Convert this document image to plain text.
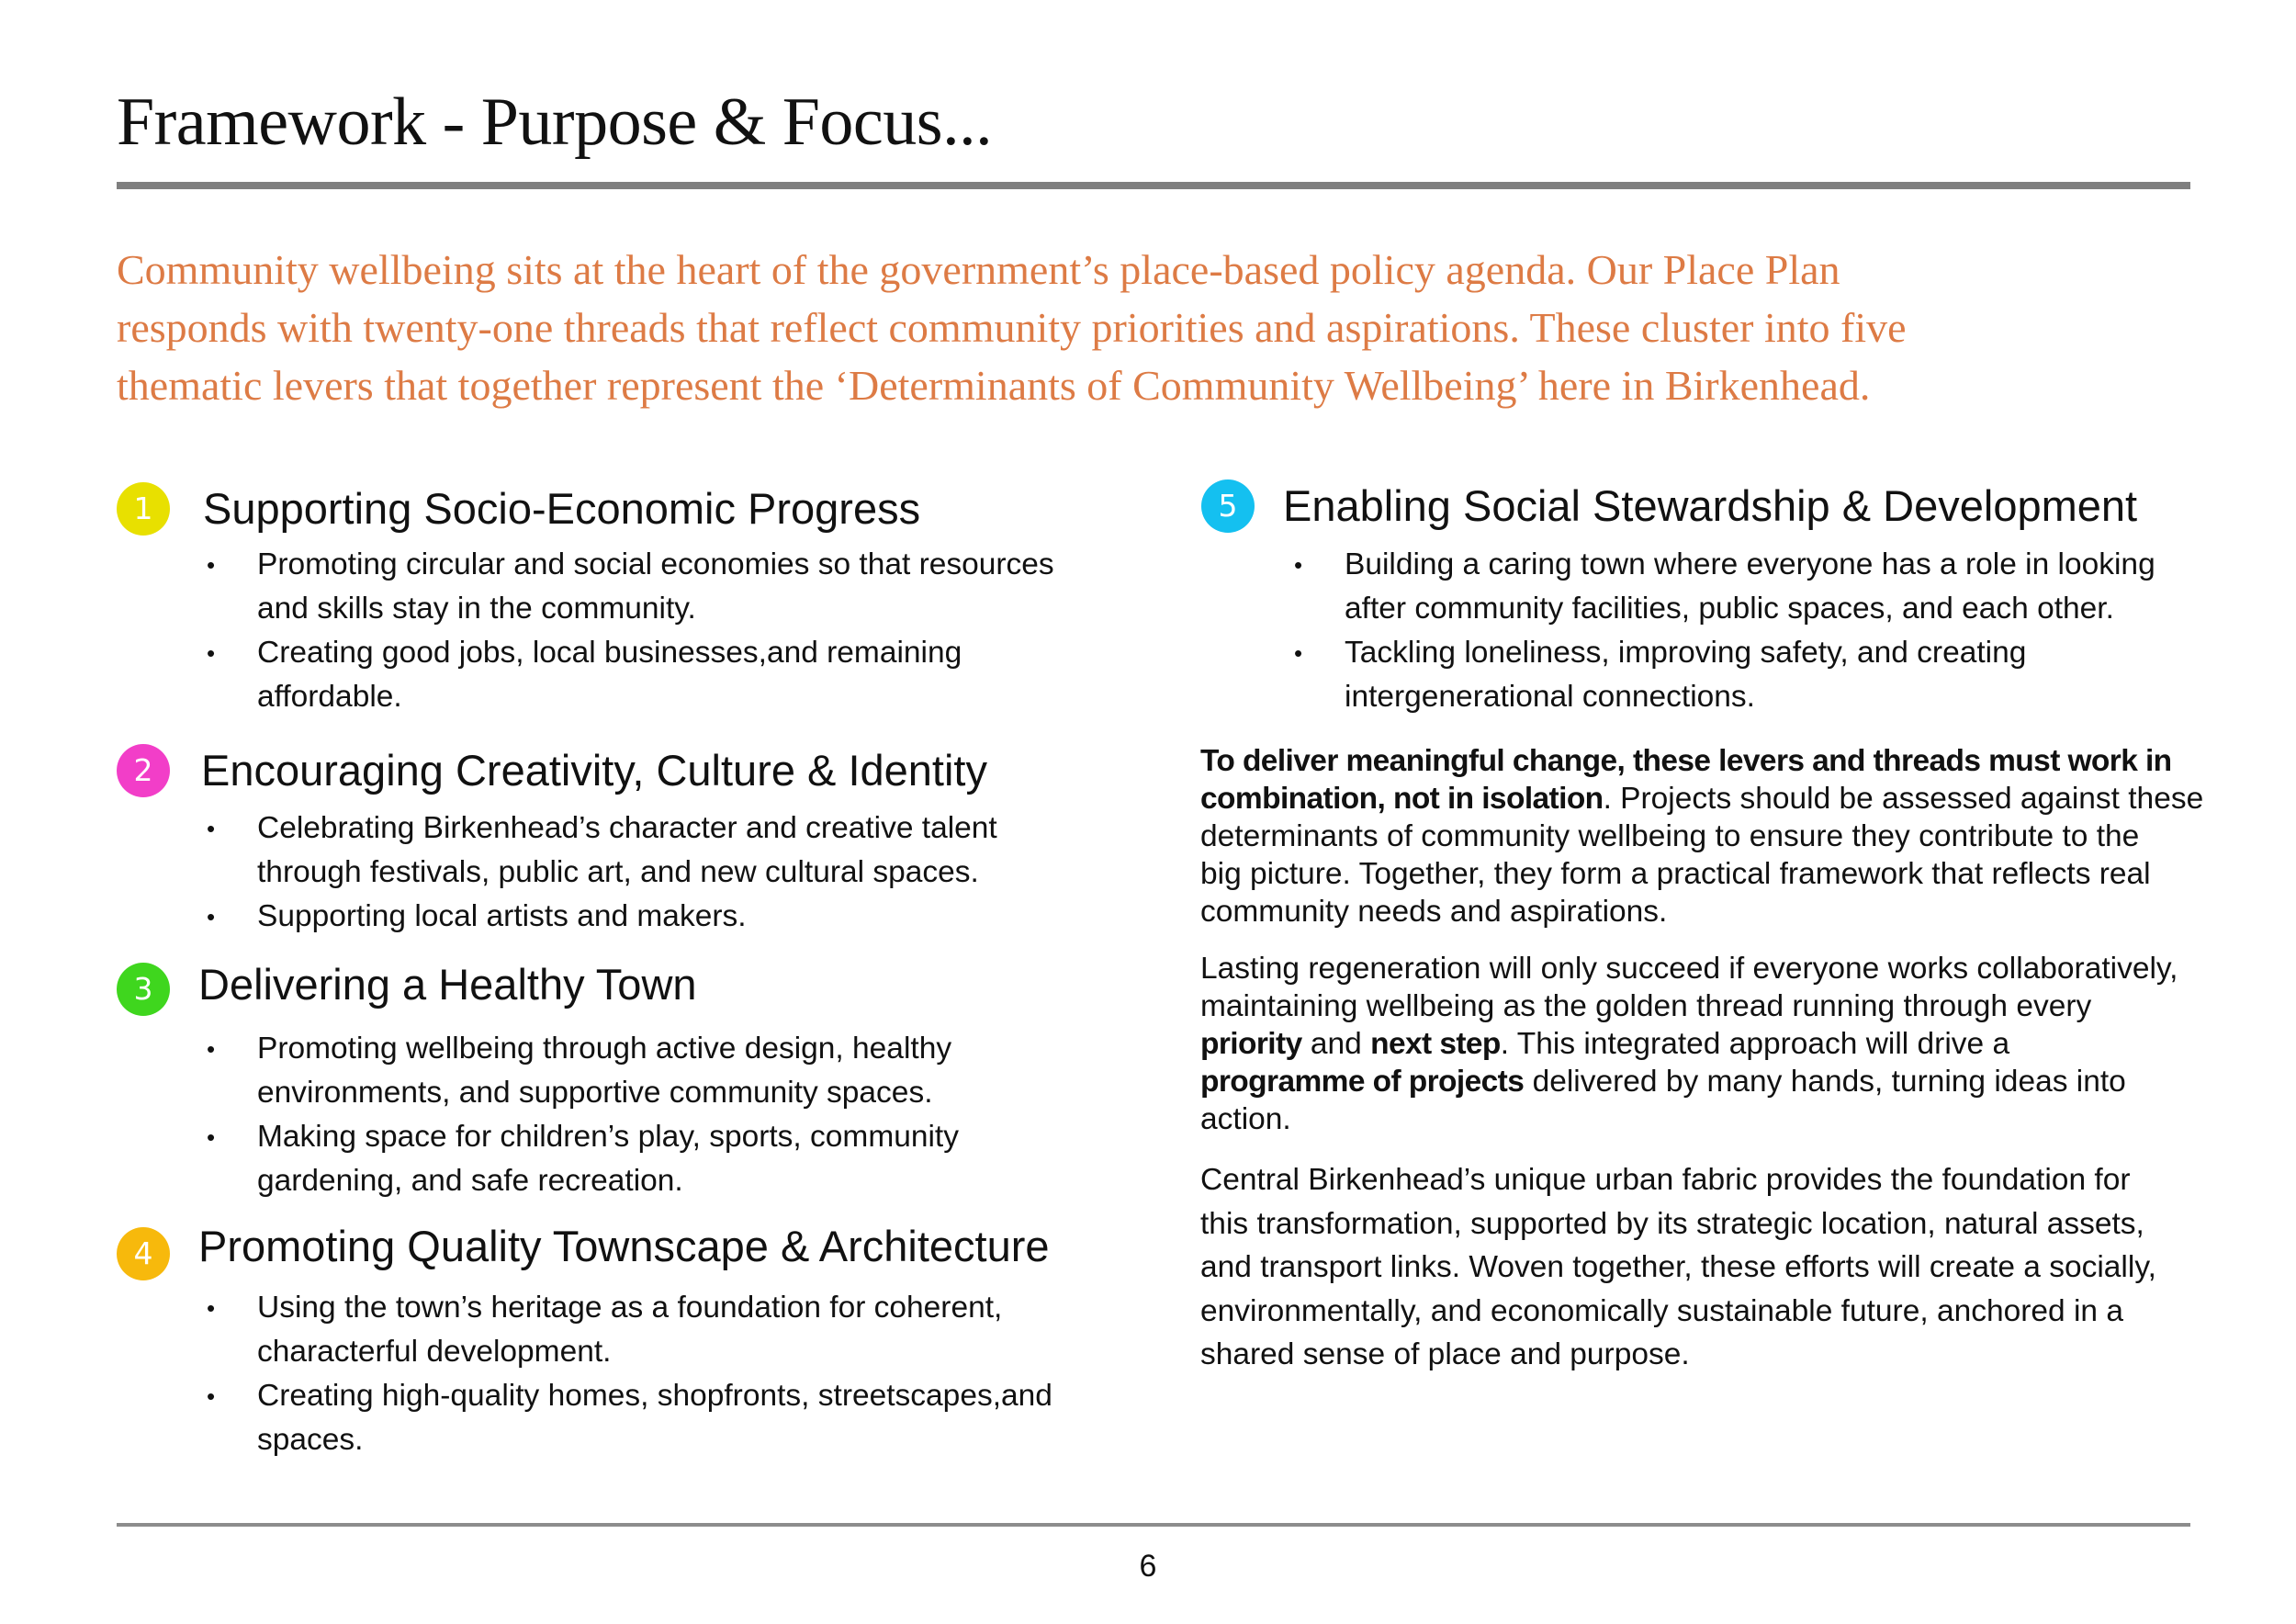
Framework - Purpose & Focus...
Community wellbeing sits at the heart of the government’s place-based policy agenda. Our Place Plan
responds with twenty-one threads that reflect community priorities and aspirations. These cluster into five
thematic levers that together represent the ‘Determinants of Community Wellbeing’ here in Birkenhead.
1	Supporting Socio-Economic Progress
•	Promoting circular and social economies so that resources
and skills stay in the community.
•	Creating good jobs, local businesses,and remaining
affordable.
2	Encouraging Creativity, Culture & Identity
•	Celebrating Birkenhead’s character and creative talent
through festivals, public art, and new cultural spaces.
•	Supporting local artists and makers.
3	Delivering a Healthy Town
•	Promoting wellbeing through active design, healthy
environments, and supportive community spaces.
•	Making space for children’s play, sports, community
gardening, and safe recreation.
4	Promoting Quality Townscape & Architecture
•	Using the town’s heritage as a foundation for coherent,
characterful development.
•	Creating high-quality homes, shopfronts, streetscapes,and
spaces.
5	Enabling Social Stewardship & Development
•	Building a caring town where everyone has a role in looking
after community facilities, public spaces, and each other.
•	Tackling loneliness, improving safety, and creating
intergenerational connections.
To deliver meaningful change, these levers and threads must work in
combination, not in isolation. Projects should be assessed against these
determinants of community wellbeing to ensure they contribute to the
big picture. Together, they form a practical framework that reflects real
community needs and aspirations.
Lasting regeneration will only succeed if everyone works collaboratively,
maintaining wellbeing as the golden thread running through every
priority and next step. This integrated approach will drive a
programme of projects delivered by many hands, turning ideas into
action.
Central Birkenhead’s unique urban fabric provides the foundation for
this transformation, supported by its strategic location, natural assets,
and transport links. Woven together, these efforts will create a socially,
environmentally, and economically sustainable future, anchored in a
shared sense of place and purpose.
6
